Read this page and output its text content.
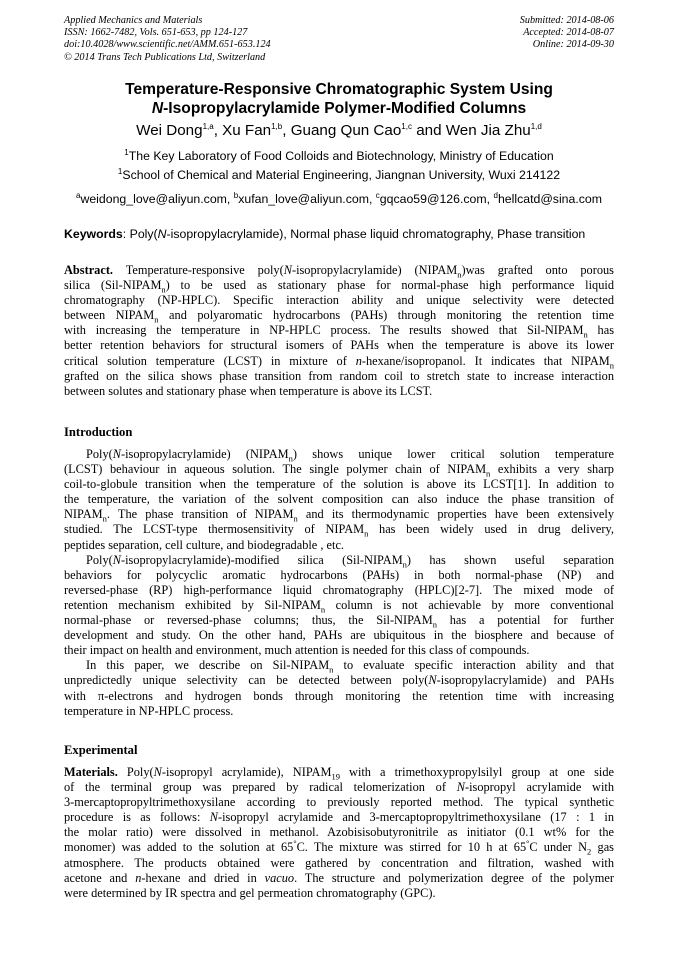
Applied Mechanics and Materials
ISSN: 1662-7482, Vols. 651-653, pp 124-127
doi:10.4028/www.scientific.net/AMM.651-653.124
© 2014 Trans Tech Publications Ltd, Switzerland
Submitted: 2014-08-06
Accepted: 2014-08-07
Online: 2014-09-30
Temperature-Responsive Chromatographic System Using
N-Isopropylacrylamide Polymer-Modified Columns
Wei Dong$^{1,a}$, Xu Fan$^{1,b}$, Guang Qun Cao$^{1,c}$ and Wen Jia Zhu$^{1,d}$
$^1$The Key Laboratory of Food Colloids and Biotechnology, Ministry of Education
$^1$School of Chemical and Material Engineering, Jiangnan University, Wuxi 214122
$^a$weidong_love@aliyun.com, $^b$xufan_love@aliyun.com, $^c$gqcao59@126.com, $^d$hellcatd@sina.com
Keywords: Poly(N-isopropylacrylamide), Normal phase liquid chromatography, Phase transition
Abstract. Temperature-responsive poly(N-isopropylacrylamide) $(NIPAM_n)was$ grafted onto porous
silica $(Sil-NIPAM_n)$ to be used as stationary phase for normal-phase high performance liquid
chromatography (NP-HPLC). Specific interaction ability and unique selectivity were detected
between $NIPAM_n$ and polyaromatic hydrocarbons (PAHs) through monitoring the retention time
with increasing the temperature in NP-HPLC process. The results showed that Sil-$NIPAM_n$ has
better retention behaviors for structural isomers of PAHs when the temperature is above its lower
critical solution temperature (LCST) in mixture of n-hexane/isopropanol. It indicates that $NIPAM_n$
grafted on the silica shows phase transition from random coil to stretch state to increase interaction
between solutes and stationary phase when temperature is above its LCST.
Introduction
Poly(N-isopropylacrylamide) $(NIPAM_n)$ shows unique lower critical solution temperature
(LCST) behaviour in aqueous solution. The single polymer chain of $NIPAM_n$ exhibits a very sharp
coil-to-globule transition when the temperature of the solution is above its LCST[1]. In addition to
the temperature, the variation of the solvent composition can also induce the phase transition of
$NIPAM_n$. The phase transition of $NIPAM_n$ and its thermodynamic properties have been extensively
studied. The LCST-type thermosensitivity of $NIPAM_n$ has been widely used in drug delivery,
peptides separation, cell culture, and biodegradable , etc.
Poly(N-isopropylacrylamide)-modified silica $(Sil-NIPAM_n)$ has shown useful separation
behaviors for polycyclic aromatic hydrocarbons (PAHs) in both normal-phase (NP) and
reversed-phase (RP) high-performance liquid chromatography (HPLC)[2-7]. The mixed mode of
retention mechanism exhibited by Sil-$NIPAM_n$ column is not achievable by more conventional
normal-phase or reversed-phase columns; thus, the Sil-$NIPAM_n$ has a potential for further
development and study. On the other hand, PAHs are ubiquitous in the biosphere and because of
their impact on health and environment, much attention is needed for this class of compounds.
In this paper, we describe on Sil-$NIPAM_n$ to evaluate specific interaction ability and that
unpredictedly unique selectivity can be detected between poly(N-isopropylacrylamide) and PAHs
with π-electrons and hydrogen bonds through monitoring the retention time with increasing
temperature in NP-HPLC process.
Experimental
Materials. Poly(N-isopropyl acrylamide), $NIPAM_{19}$ with a trimethoxypropylsilyl group at one side
of the terminal group was prepared by radical telomerization of N-isopropyl acrylamide with
3-mercaptopropyltrimethoxysilane according to previously reported method. The typical synthetic
procedure is as follows: N-isopropyl acrylamide and 3-mercaptopropyltrimethoxysilane (17 : 1 in
the molar ratio) were dissolved in methanol. Azobisisobutyronitrile as initiator (0.1 wt% for the
monomer) was added to the solution at 65°C. The mixture was stirred for 10 h at 65°C under $N_2$ gas
atmosphere. The products obtained were gathered by concentration and filtration, washed with
acetone and n-hexane and dried in vacuo. The structure and polymerization degree of the polymer
were determined by IR spectra and gel permeation chromatography (GPC).
